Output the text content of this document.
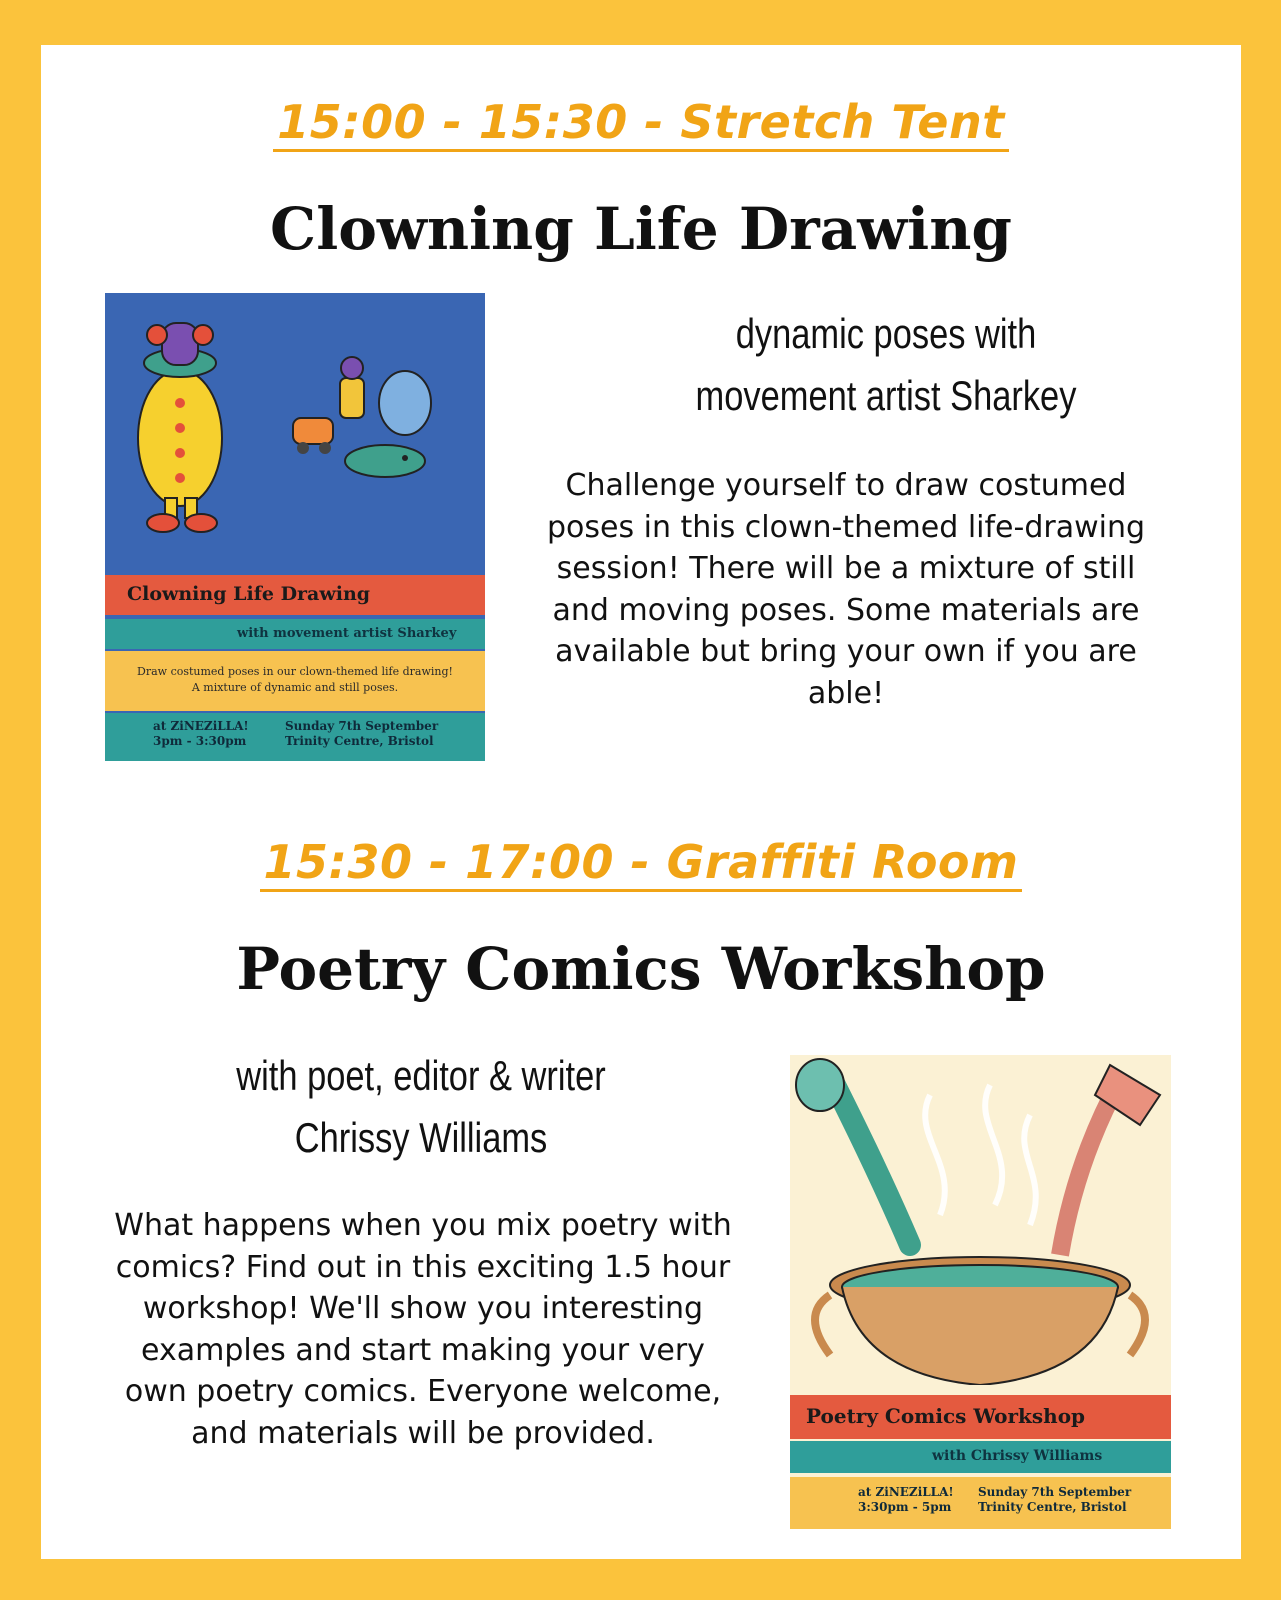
15:00 - 15:30 - Stretch Tent
Clowning Life Drawing
Clowning Life Drawing
with movement artist Sharkey
Draw costumed poses in our clown-themed life drawing!
A mixture of dynamic and still poses.
at ZiNEZiLLA!
3pm - 3:30pm
Sunday 7th September
Trinity Centre, Bristol
dynamic poses with
movement artist Sharkey
Challenge yourself to draw costumed poses in this clown-themed life-drawing session! There will be a mixture of still and moving poses. Some materials are available but bring your own if you are able!
15:30 - 17:00 - Graffiti Room
Poetry Comics Workshop
with poet, editor & writer
Chrissy Williams
What happens when you mix poetry with comics? Find out in this exciting 1.5 hour workshop! We'll show you interesting examples and start making your very own poetry comics. Everyone welcome, and materials will be provided.	Poetry Comics Workshop
with Chrissy Williams
at ZiNEZiLLA!
3:30pm - 5pm
Sunday 7th September
Trinity Centre, Bristol
